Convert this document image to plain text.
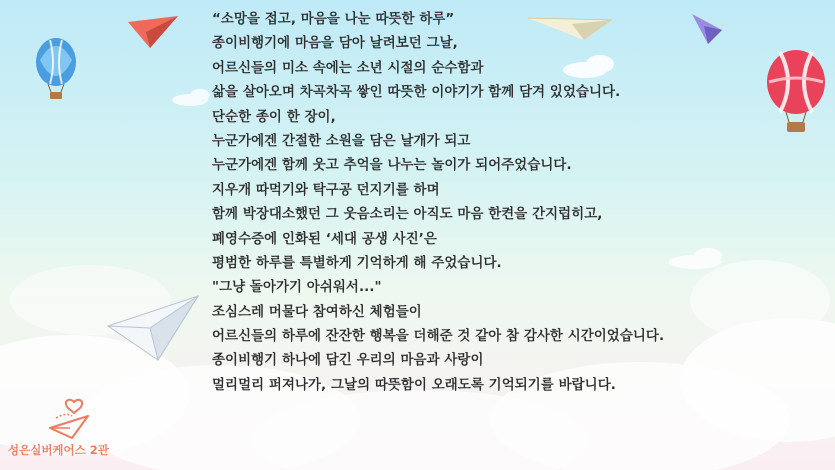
“소망을 접고, 마음을 나눈 따뜻한 하루”
종이비행기에 마음을 담아 날려보던 그날,
어르신들의 미소 속에는 소년 시절의 순수함과
삶을 살아오며 차곡차곡 쌓인 따뜻한 이야기가 함께 담겨 있었습니다.
단순한 종이 한 장이,
누군가에겐 간절한 소원을 담은 날개가 되고
누군가에겐 함께 웃고 추억을 나누는 놀이가 되어주었습니다.
지우개 따먹기와 탁구공 던지기를 하며
함께 박장대소했던 그 웃음소리는 아직도 마음 한켠을 간지럽히고,
폐영수증에 인화된 ‘세대 공생 사진’은
평범한 하루를 특별하게 기억하게 해 주었습니다.
"그냥 돌아가기 아쉬워서..."
조심스레 머물다 참여하신 체험들이
어르신들의 하루에 잔잔한 행복을 더해준 것 같아 참 감사한 시간이었습니다.
종이비행기 하나에 담긴 우리의 마음과 사랑이
멀리멀리 퍼져나가, 그날의 따뜻함이 오래도록 기억되기를 바랍니다.
성은실버케어스 2관
